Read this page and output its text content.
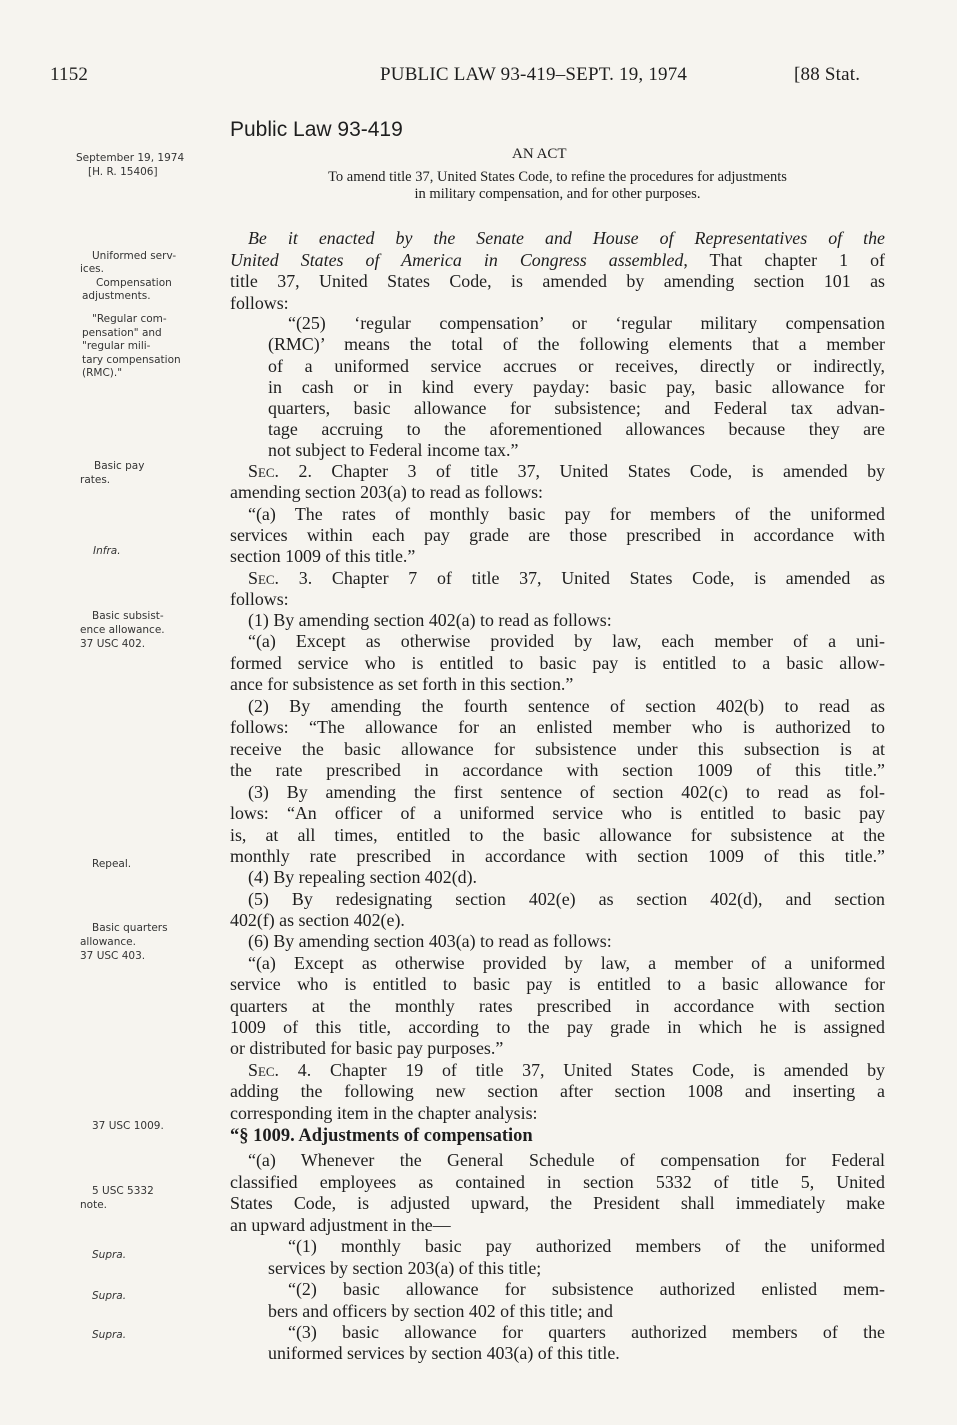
1152	PUBLIC LAW 93-419–SEPT. 19, 1974	[88 Stat.

Public Law 93-419

AN ACT

To amend title 37, United States Code, to refine the procedures for adjustments

in military compensation, and for other purposes.

September 19, 1974

[H. R. 15406]

Uniformed serv-

ices.

Compensation

adjustments.

"Regular com-

pensation" and

"regular mili-

tary compensation

(RMC)."

Basic pay

rates.

Infra.

Basic subsist-

ence allowance.

37 USC 402.

Repeal.

Basic quarters

allowance.

37 USC 403.

37 USC 1009.

5 USC 5332

note.

Supra.

Supra.

Supra.

Be it enacted by the Senate and House of Representatives of the
United States of America in Congress assembled, That chapter 1 of
title 37, United States Code, is amended by amending section 101 as
follows:
“(25) ‘regular compensation’ or ‘regular military compensation
(RMC)’ means the total of the following elements that a member
of a uniformed service accrues or receives, directly or indirectly,
in cash or in kind every payday: basic pay, basic allowance for
quarters, basic allowance for subsistence; and Federal tax advan-
tage accruing to the aforementioned allowances because they are
not subject to Federal income tax.”
Sec. 2. Chapter 3 of title 37, United States Code, is amended by
amending section 203(a) to read as follows:
“(a) The rates of monthly basic pay for members of the uniformed
services within each pay grade are those prescribed in accordance with
section 1009 of this title.”
Sec. 3. Chapter 7 of title 37, United States Code, is amended as
follows:
(1) By amending section 402(a) to read as follows:
“(a) Except as otherwise provided by law, each member of a uni-
formed service who is entitled to basic pay is entitled to a basic allow-
ance for subsistence as set forth in this section.”
(2) By amending the fourth sentence of section 402(b) to read as
follows: “The allowance for an enlisted member who is authorized to
receive the basic allowance for subsistence under this subsection is at
the rate prescribed in accordance with section 1009 of this title.”
(3) By amending the first sentence of section 402(c) to read as fol-
lows: “An officer of a uniformed service who is entitled to basic pay
is, at all times, entitled to the basic allowance for subsistence at the
monthly rate prescribed in accordance with section 1009 of this title.”
(4) By repealing section 402(d).
(5) By redesignating section 402(e) as section 402(d), and section
402(f) as section 402(e).
(6) By amending section 403(a) to read as follows:
“(a) Except as otherwise provided by law, a member of a uniformed
service who is entitled to basic pay is entitled to a basic allowance for
quarters at the monthly rates prescribed in accordance with section
1009 of this title, according to the pay grade in which he is assigned
or distributed for basic pay purposes.”
Sec. 4. Chapter 19 of title 37, United States Code, is amended by
adding the following new section after section 1008 and inserting a
corresponding item in the chapter analysis:
“§ 1009. Adjustments of compensation
“(a) Whenever the General Schedule of compensation for Federal
classified employees as contained in section 5332 of title 5, United
States Code, is adjusted upward, the President shall immediately make
an upward adjustment in the—
“(1) monthly basic pay authorized members of the uniformed
services by section 203(a) of this title;
“(2) basic allowance for subsistence authorized enlisted mem-
bers and officers by section 402 of this title; and
“(3) basic allowance for quarters authorized members of the
uniformed services by section 403(a) of this title.
